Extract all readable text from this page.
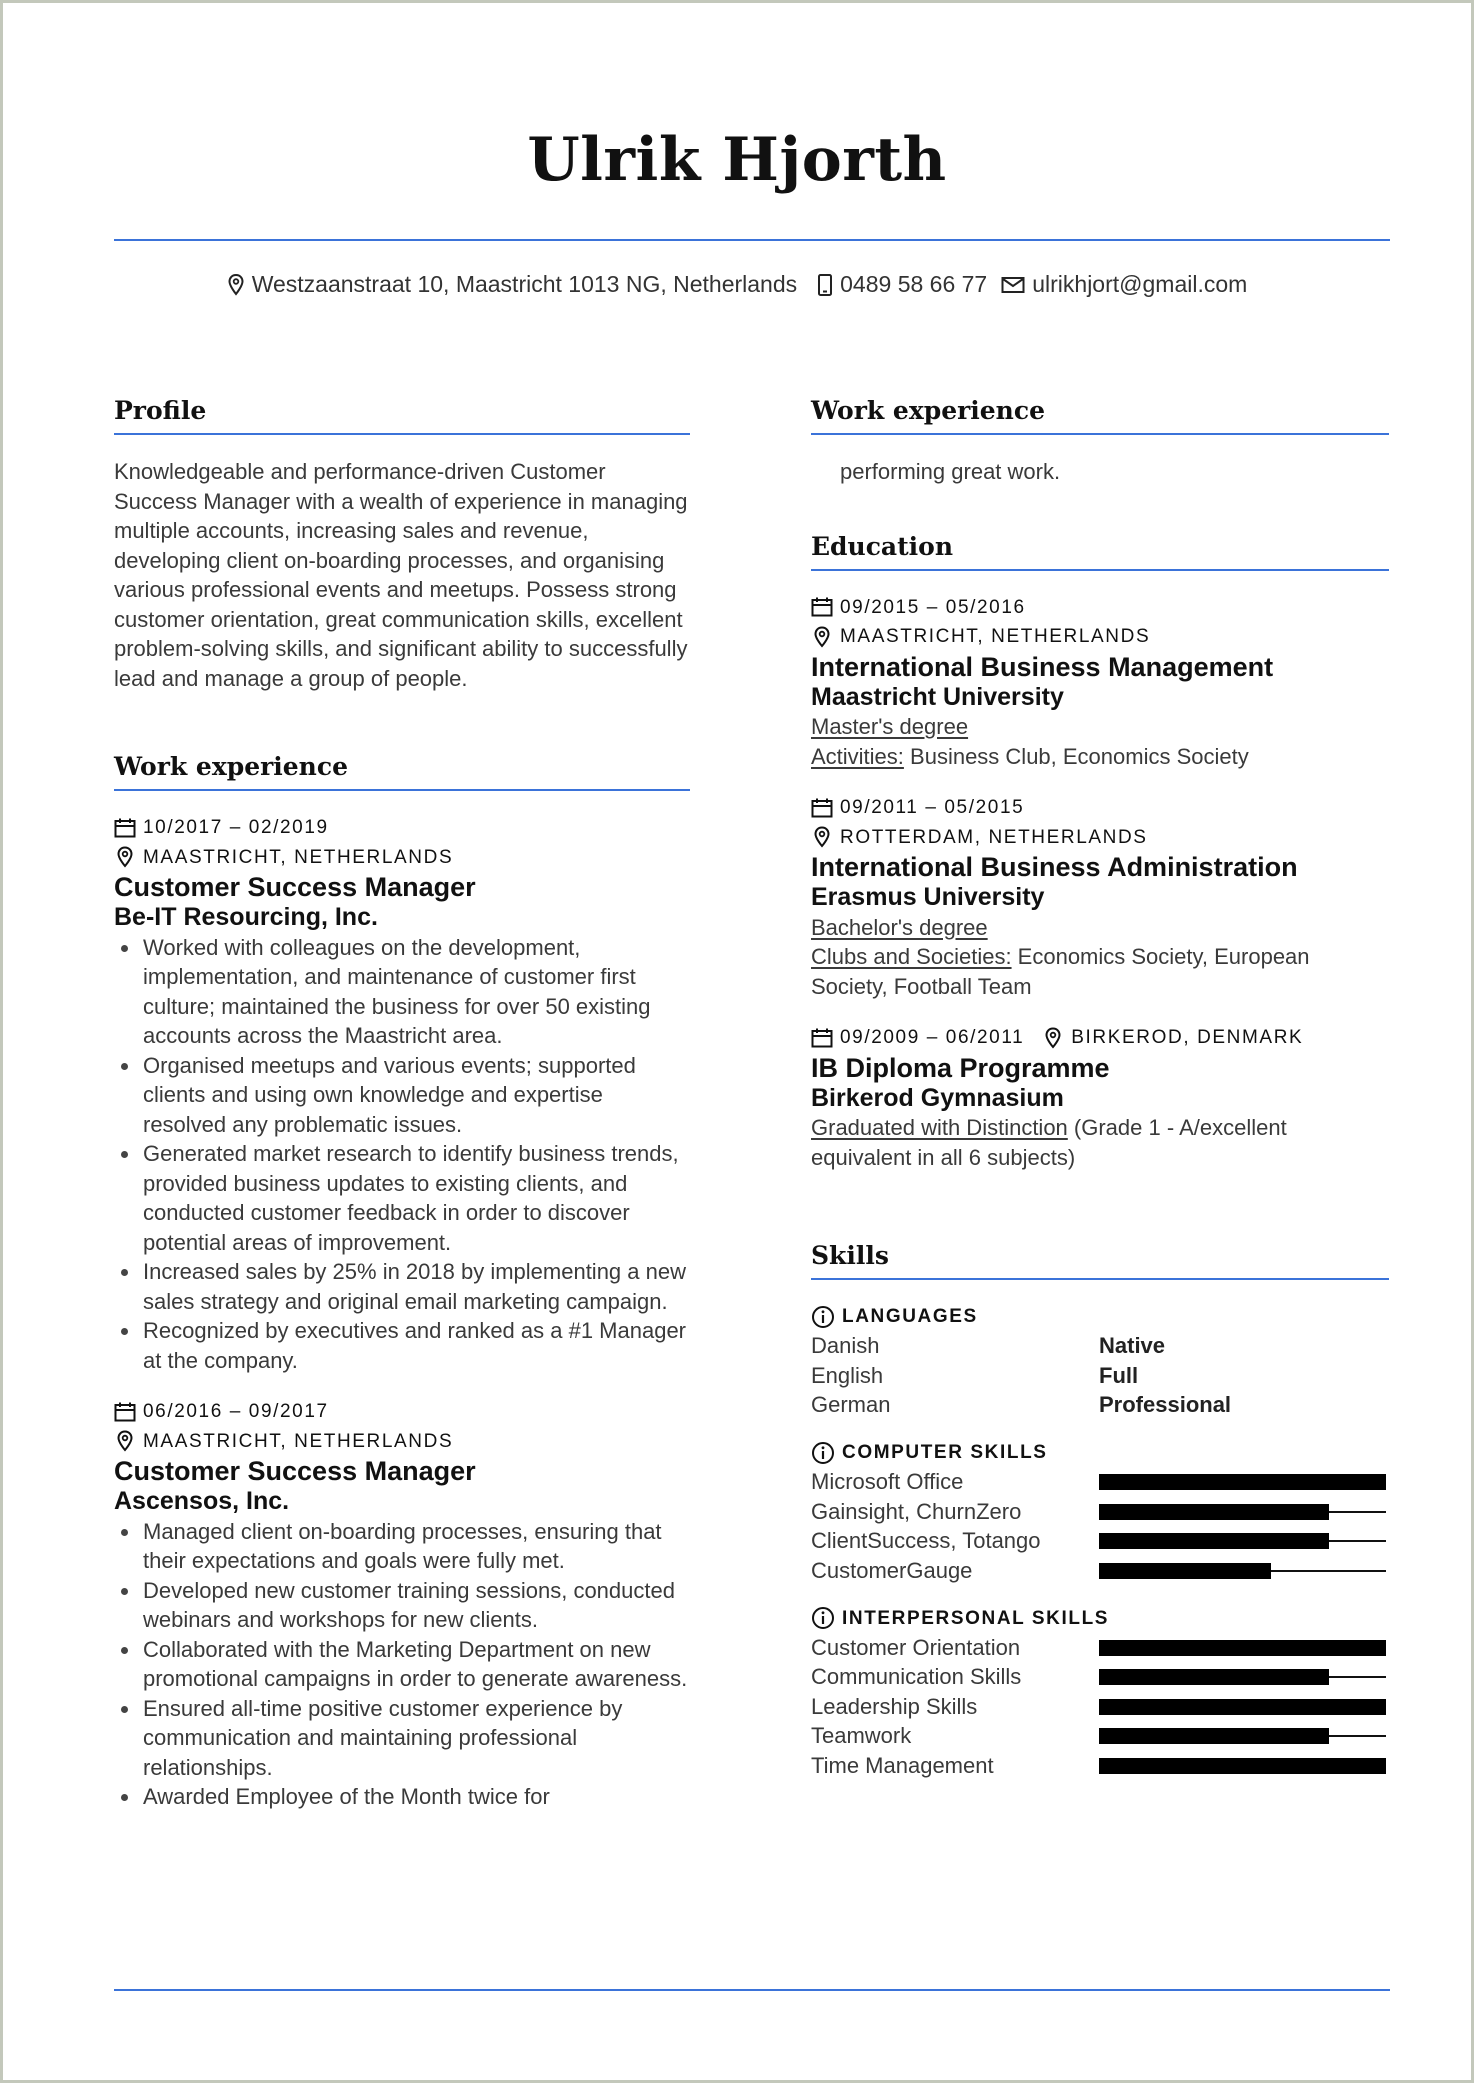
Ulrik Hjorth
Westzaanstraat 10, Maastricht 1013 NG, Netherlands 0489 58 66 77 ulrikhjort@gmail.com
Profile

Knowledgeable and performance-driven Customer Success Manager with a wealth of experience in managing multiple accounts, increasing sales and revenue, developing client on-boarding processes, and organising various professional events and meetups. Possess strong customer orientation, great communication skills, excellent problem-solving skills, and significant ability to successfully lead and manage a group of people.

Work experience
10/2017 – 02/2019
MAASTRICHT, NETHERLANDS

Customer Success Manager

Be-IT Resourcing, Inc.

Worked with colleagues on the development, implementation, and maintenance of customer first culture; maintained the business for over 50 existing accounts across the Maastricht area.
Organised meetups and various events; supported clients and using own knowledge and expertise resolved any problematic issues.
Generated market research to identify business trends, provided business updates to existing clients, and conducted customer feedback in order to discover potential areas of improvement.
Increased sales by 25% in 2018 by implementing a new sales strategy and original email marketing campaign.
Recognized by executives and ranked as a #1 Manager at the company.
06/2016 – 09/2017
MAASTRICHT, NETHERLANDS

Customer Success Manager

Ascensos, Inc.

Managed client on-boarding processes, ensuring that their expectations and goals were fully met.
Developed new customer training sessions, conducted webinars and workshops for new clients.
Collaborated with the Marketing Department on new promotional campaigns in order to generate awareness.
Ensured all-time positive customer experience by communication and maintaining professional relationships.
Awarded Employee of the Month twice for
Work experience

performing great work.

Education
09/2015 – 05/2016
MAASTRICHT, NETHERLANDS

International Business Management

Maastricht University

Master's degree

Activities: Business Club, Economics Society

09/2011 – 05/2015
ROTTERDAM, NETHERLANDS

International Business Administration

Erasmus University

Bachelor's degree

Clubs and Societies: Economics Society, European Society, Football Team

09/2009 – 06/2011 BIRKEROD, DENMARK

IB Diploma Programme

Birkerod Gymnasium

Graduated with Distinction (Grade 1 - A/excellent equivalent in all 6 subjects)

Skills
LANGUAGES
Danish	Native
English	Full
German	Professional
COMPUTER SKILLS
Microsoft Office
Gainsight, ChurnZero
ClientSuccess, Totango
CustomerGauge
INTERPERSONAL SKILLS
Customer Orientation
Communication Skills
Leadership Skills
Teamwork
Time Management
